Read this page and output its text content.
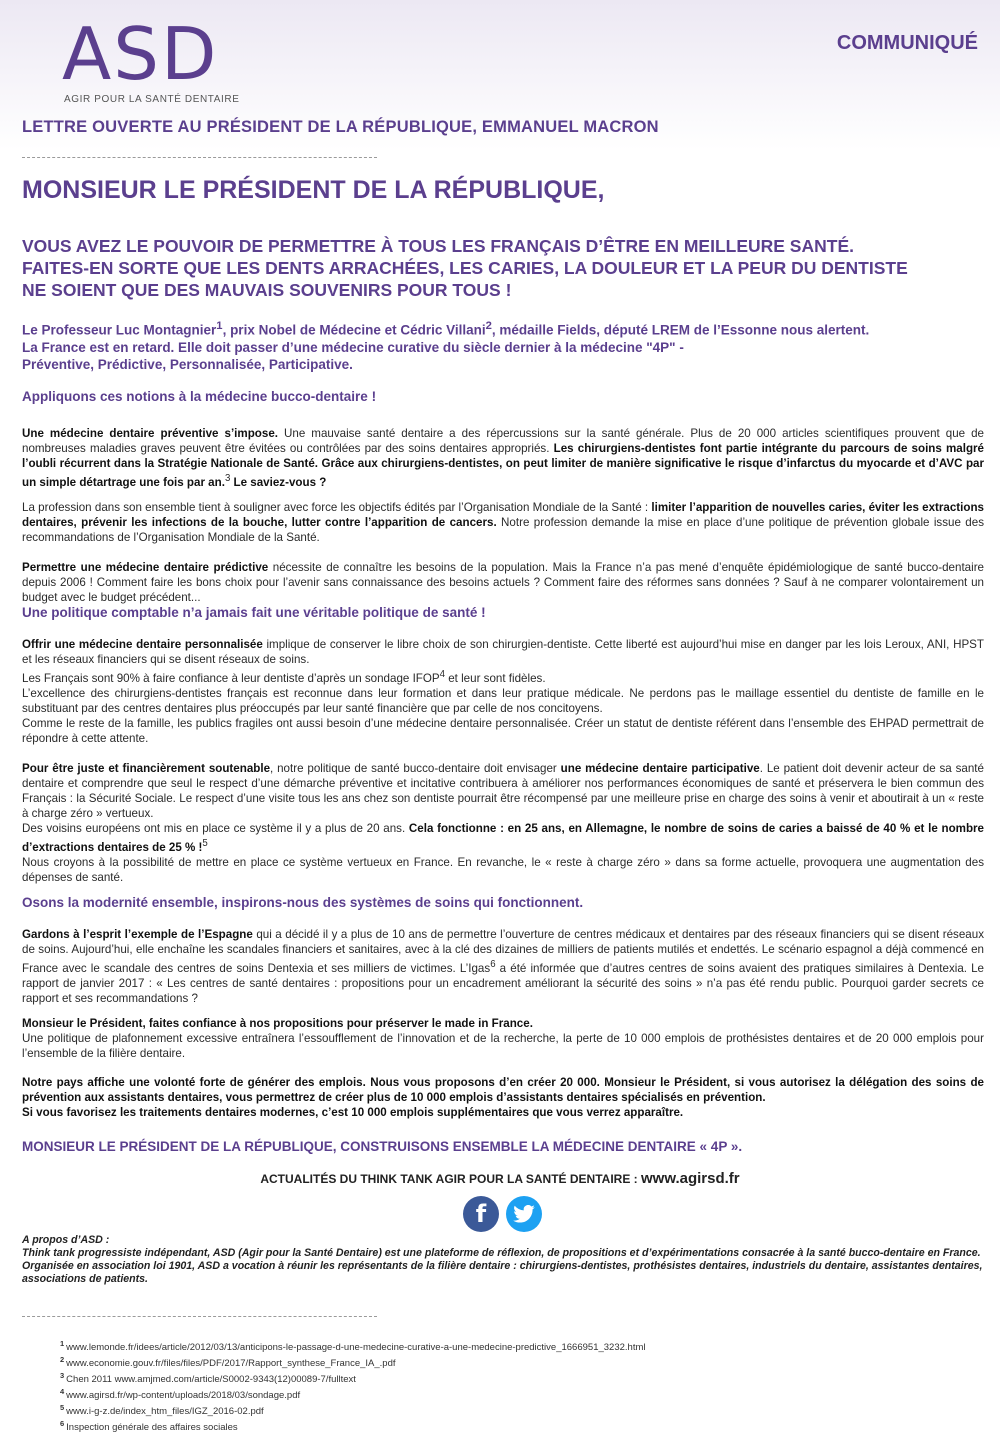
ASD
AGIR POUR LA SANTÉ DENTAIRE
COMMUNIQUÉ
LETTRE OUVERTE AU PRÉSIDENT DE LA RÉPUBLIQUE, EMMANUEL MACRON
MONSIEUR LE PRÉSIDENT DE LA RÉPUBLIQUE,
VOUS AVEZ LE POUVOIR DE PERMETTRE À TOUS LES FRANÇAIS D’ÊTRE EN MEILLEURE SANTÉ.
FAITES-EN SORTE QUE LES DENTS ARRACHÉES, LES CARIES, LA DOULEUR ET LA PEUR DU DENTISTE
NE SOIENT QUE DES MAUVAIS SOUVENIRS POUR TOUS !
Le Professeur Luc Montagnier$^1$, prix Nobel de Médecine et Cédric Villani$^2$, médaille Fields, député LREM de l’Essonne nous alertent.
La France est en retard. Elle doit passer d’une médecine curative du siècle dernier à la médecine "4P" -
Préventive, Prédictive, Personnalisée, Participative.
Appliquons ces notions à la médecine bucco-dentaire !
Une médecine dentaire préventive s’impose. Une mauvaise santé dentaire a des répercussions sur la santé générale. Plus de 20 000 articles scientifiques prouvent que de nombreuses maladies graves peuvent être évitées ou contrôlées par des soins dentaires appropriés. Les chirurgiens-dentistes font partie intégrante du parcours de soins malgré l’oubli récurrent dans la Stratégie Nationale de Santé. Grâce aux chirurgiens-dentistes, on peut limiter de manière significative le risque d’infarctus du myocarde et d’AVC par un simple détartrage une fois par an.$^3$ Le saviez-vous ?
La profession dans son ensemble tient à souligner avec force les objectifs édités par l’Organisation Mondiale de la Santé : limiter l’apparition de nouvelles caries, éviter les extractions dentaires, prévenir les infections de la bouche, lutter contre l’apparition de cancers. Notre profession demande la mise en place d’une politique de prévention globale issue des recommandations de l’Organisation Mondiale de la Santé.
Permettre une médecine dentaire prédictive nécessite de connaître les besoins de la population. Mais la France n’a pas mené d’enquête épidémiologique de santé bucco-dentaire depuis 2006 ! Comment faire les bons choix pour l’avenir sans connaissance des besoins actuels ? Comment faire des réformes sans données ? Sauf à ne comparer volontairement un budget avec le budget précédent...
Une politique comptable n’a jamais fait une véritable politique de santé !
Offrir une médecine dentaire personnalisée implique de conserver le libre choix de son chirurgien-dentiste. Cette liberté est aujourd’hui mise en danger par les lois Leroux, ANI, HPST et les réseaux financiers qui se disent réseaux de soins.
Les Français sont 90% à faire confiance à leur dentiste d’après un sondage IFOP$^4$ et leur sont fidèles.
L’excellence des chirurgiens-dentistes français est reconnue dans leur formation et dans leur pratique médicale. Ne perdons pas le maillage essentiel du dentiste de famille en le substituant par des centres dentaires plus préoccupés par leur santé financière que par celle de nos concitoyens.
Comme le reste de la famille, les publics fragiles ont aussi besoin d’une médecine dentaire personnalisée. Créer un statut de dentiste référent dans l’ensemble des EHPAD permettrait de répondre à cette attente.
Pour être juste et financièrement soutenable, notre politique de santé bucco-dentaire doit envisager une médecine dentaire participative. Le patient doit devenir acteur de sa santé dentaire et comprendre que seul le respect d’une démarche préventive et incitative contribuera à améliorer nos performances économiques de santé et préservera le bien commun des Français : la Sécurité Sociale. Le respect d’une visite tous les ans chez son dentiste pourrait être récompensé par une meilleure prise en charge des soins à venir et aboutirait à un « reste à charge zéro » vertueux.
Des voisins européens ont mis en place ce système il y a plus de 20 ans. Cela fonctionne : en 25 ans, en Allemagne, le nombre de soins de caries a baissé de 40 % et le nombre d’extractions dentaires de 25 % !$^5$
Nous croyons à la possibilité de mettre en place ce système vertueux en France. En revanche, le « reste à charge zéro » dans sa forme actuelle, provoquera une augmentation des dépenses de santé.
Osons la modernité ensemble, inspirons-nous des systèmes de soins qui fonctionnent.
Gardons à l’esprit l’exemple de l’Espagne qui a décidé il y a plus de 10 ans de permettre l’ouverture de centres médicaux et dentaires par des réseaux financiers qui se disent réseaux de soins. Aujourd’hui, elle enchaîne les scandales financiers et sanitaires, avec à la clé des dizaines de milliers de patients mutilés et endettés. Le scénario espagnol a déjà commencé en France avec le scandale des centres de soins Dentexia et ses milliers de victimes. L’Igas$^6$ a été informée que d’autres centres de soins avaient des pratiques similaires à Dentexia. Le rapport de janvier 2017 : « Les centres de santé dentaires : propositions pour un encadrement améliorant la sécurité des soins » n’a pas été rendu public. Pourquoi garder secrets ce rapport et ses recommandations ?
Monsieur le Président, faites confiance à nos propositions pour préserver le made in France.
Une politique de plafonnement excessive entraînera l’essoufflement de l’innovation et de la recherche, la perte de 10 000 emplois de prothésistes dentaires et de 20 000 emplois pour l’ensemble de la filière dentaire.
Notre pays affiche une volonté forte de générer des emplois. Nous vous proposons d’en créer 20 000. Monsieur le Président, si vous autorisez la délégation des soins de prévention aux assistants dentaires, vous permettrez de créer plus de 10 000 emplois d’assistants dentaires spécialisés en prévention.
Si vous favorisez les traitements dentaires modernes, c’est 10 000 emplois supplémentaires que vous verrez apparaître.
MONSIEUR LE PRÉSIDENT DE LA RÉPUBLIQUE, CONSTRUISONS ENSEMBLE LA MÉDECINE DENTAIRE « 4P ».
ACTUALITÉS DU THINK TANK AGIR POUR LA SANTÉ DENTAIRE : www.agirsd.fr
f
A propos d’ASD :
Think tank progressiste indépendant, ASD (Agir pour la Santé Dentaire) est une plateforme de réflexion, de propositions et d’expérimentations consacrée à la santé bucco-dentaire en France.
Organisée en association loi 1901, ASD a vocation à réunir les représentants de la filière dentaire : chirurgiens-dentistes, prothésistes dentaires, industriels du dentaire, assistantes dentaires, associations de patients.
$^1$ www.lemonde.fr/idees/article/2012/03/13/anticipons-le-passage-d-une-medecine-curative-a-une-medecine-predictive_1666951_3232.html
$^2$ www.economie.gouv.fr/files/files/PDF/2017/Rapport_synthese_France_IA_.pdf
$^3$ Chen 2011 www.amjmed.com/article/S0002-9343(12)00089-7/fulltext
$^4$ www.agirsd.fr/wp-content/uploads/2018/03/sondage.pdf
$^5$ www.i-g-z.de/index_htm_files/IGZ_2016-02.pdf
$^6$ Inspection générale des affaires sociales
